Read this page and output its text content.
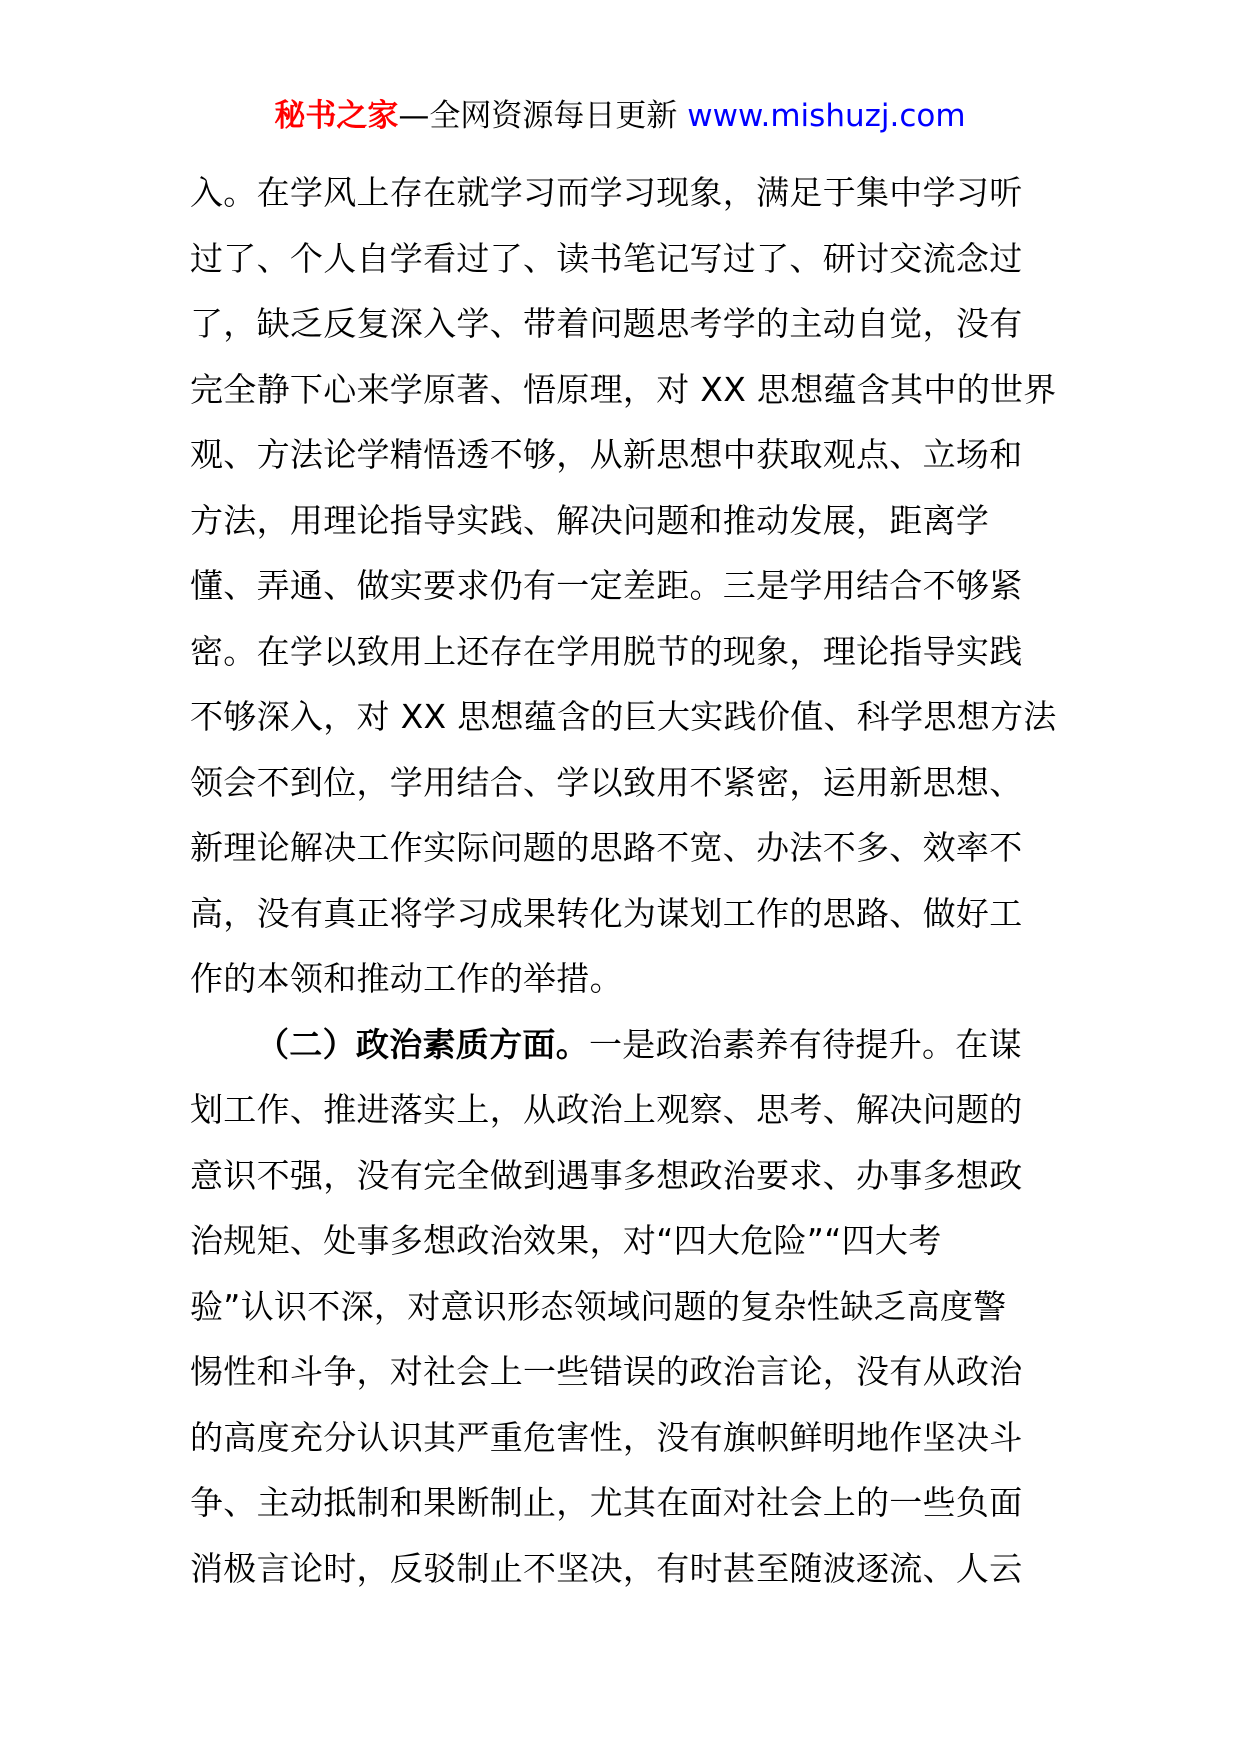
秘书之家—全网资源每日更新 www.mishuzj.com
入。在学风上存在就学习而学习现象，满足于集中学习听
过了、个人自学看过了、读书笔记写过了、研讨交流念过
了，缺乏反复深入学、带着问题思考学的主动自觉，没有
完全静下心来学原著、悟原理，对 XX 思想蕴含其中的世界
观、方法论学精悟透不够，从新思想中获取观点、立场和
方法，用理论指导实践、解决问题和推动发展，距离学
懂、弄通、做实要求仍有一定差距。三是学用结合不够紧
密。在学以致用上还存在学用脱节的现象，理论指导实践
不够深入，对 XX 思想蕴含的巨大实践价值、科学思想方法
领会不到位，学用结合、学以致用不紧密，运用新思想、
新理论解决工作实际问题的思路不宽、办法不多、效率不
高，没有真正将学习成果转化为谋划工作的思路、做好工
作的本领和推动工作的举措。
（二）政治素质方面。一是政治素养有待提升。在谋
划工作、推进落实上，从政治上观察、思考、解决问题的
意识不强，没有完全做到遇事多想政治要求、办事多想政
治规矩、处事多想政治效果，对“四大危险”“四大考
验”认识不深，对意识形态领域问题的复杂性缺乏高度警
惕性和斗争，对社会上一些错误的政治言论，没有从政治
的高度充分认识其严重危害性，没有旗帜鲜明地作坚决斗
争、主动抵制和果断制止，尤其在面对社会上的一些负面
消极言论时，反驳制止不坚决，有时甚至随波逐流、人云
